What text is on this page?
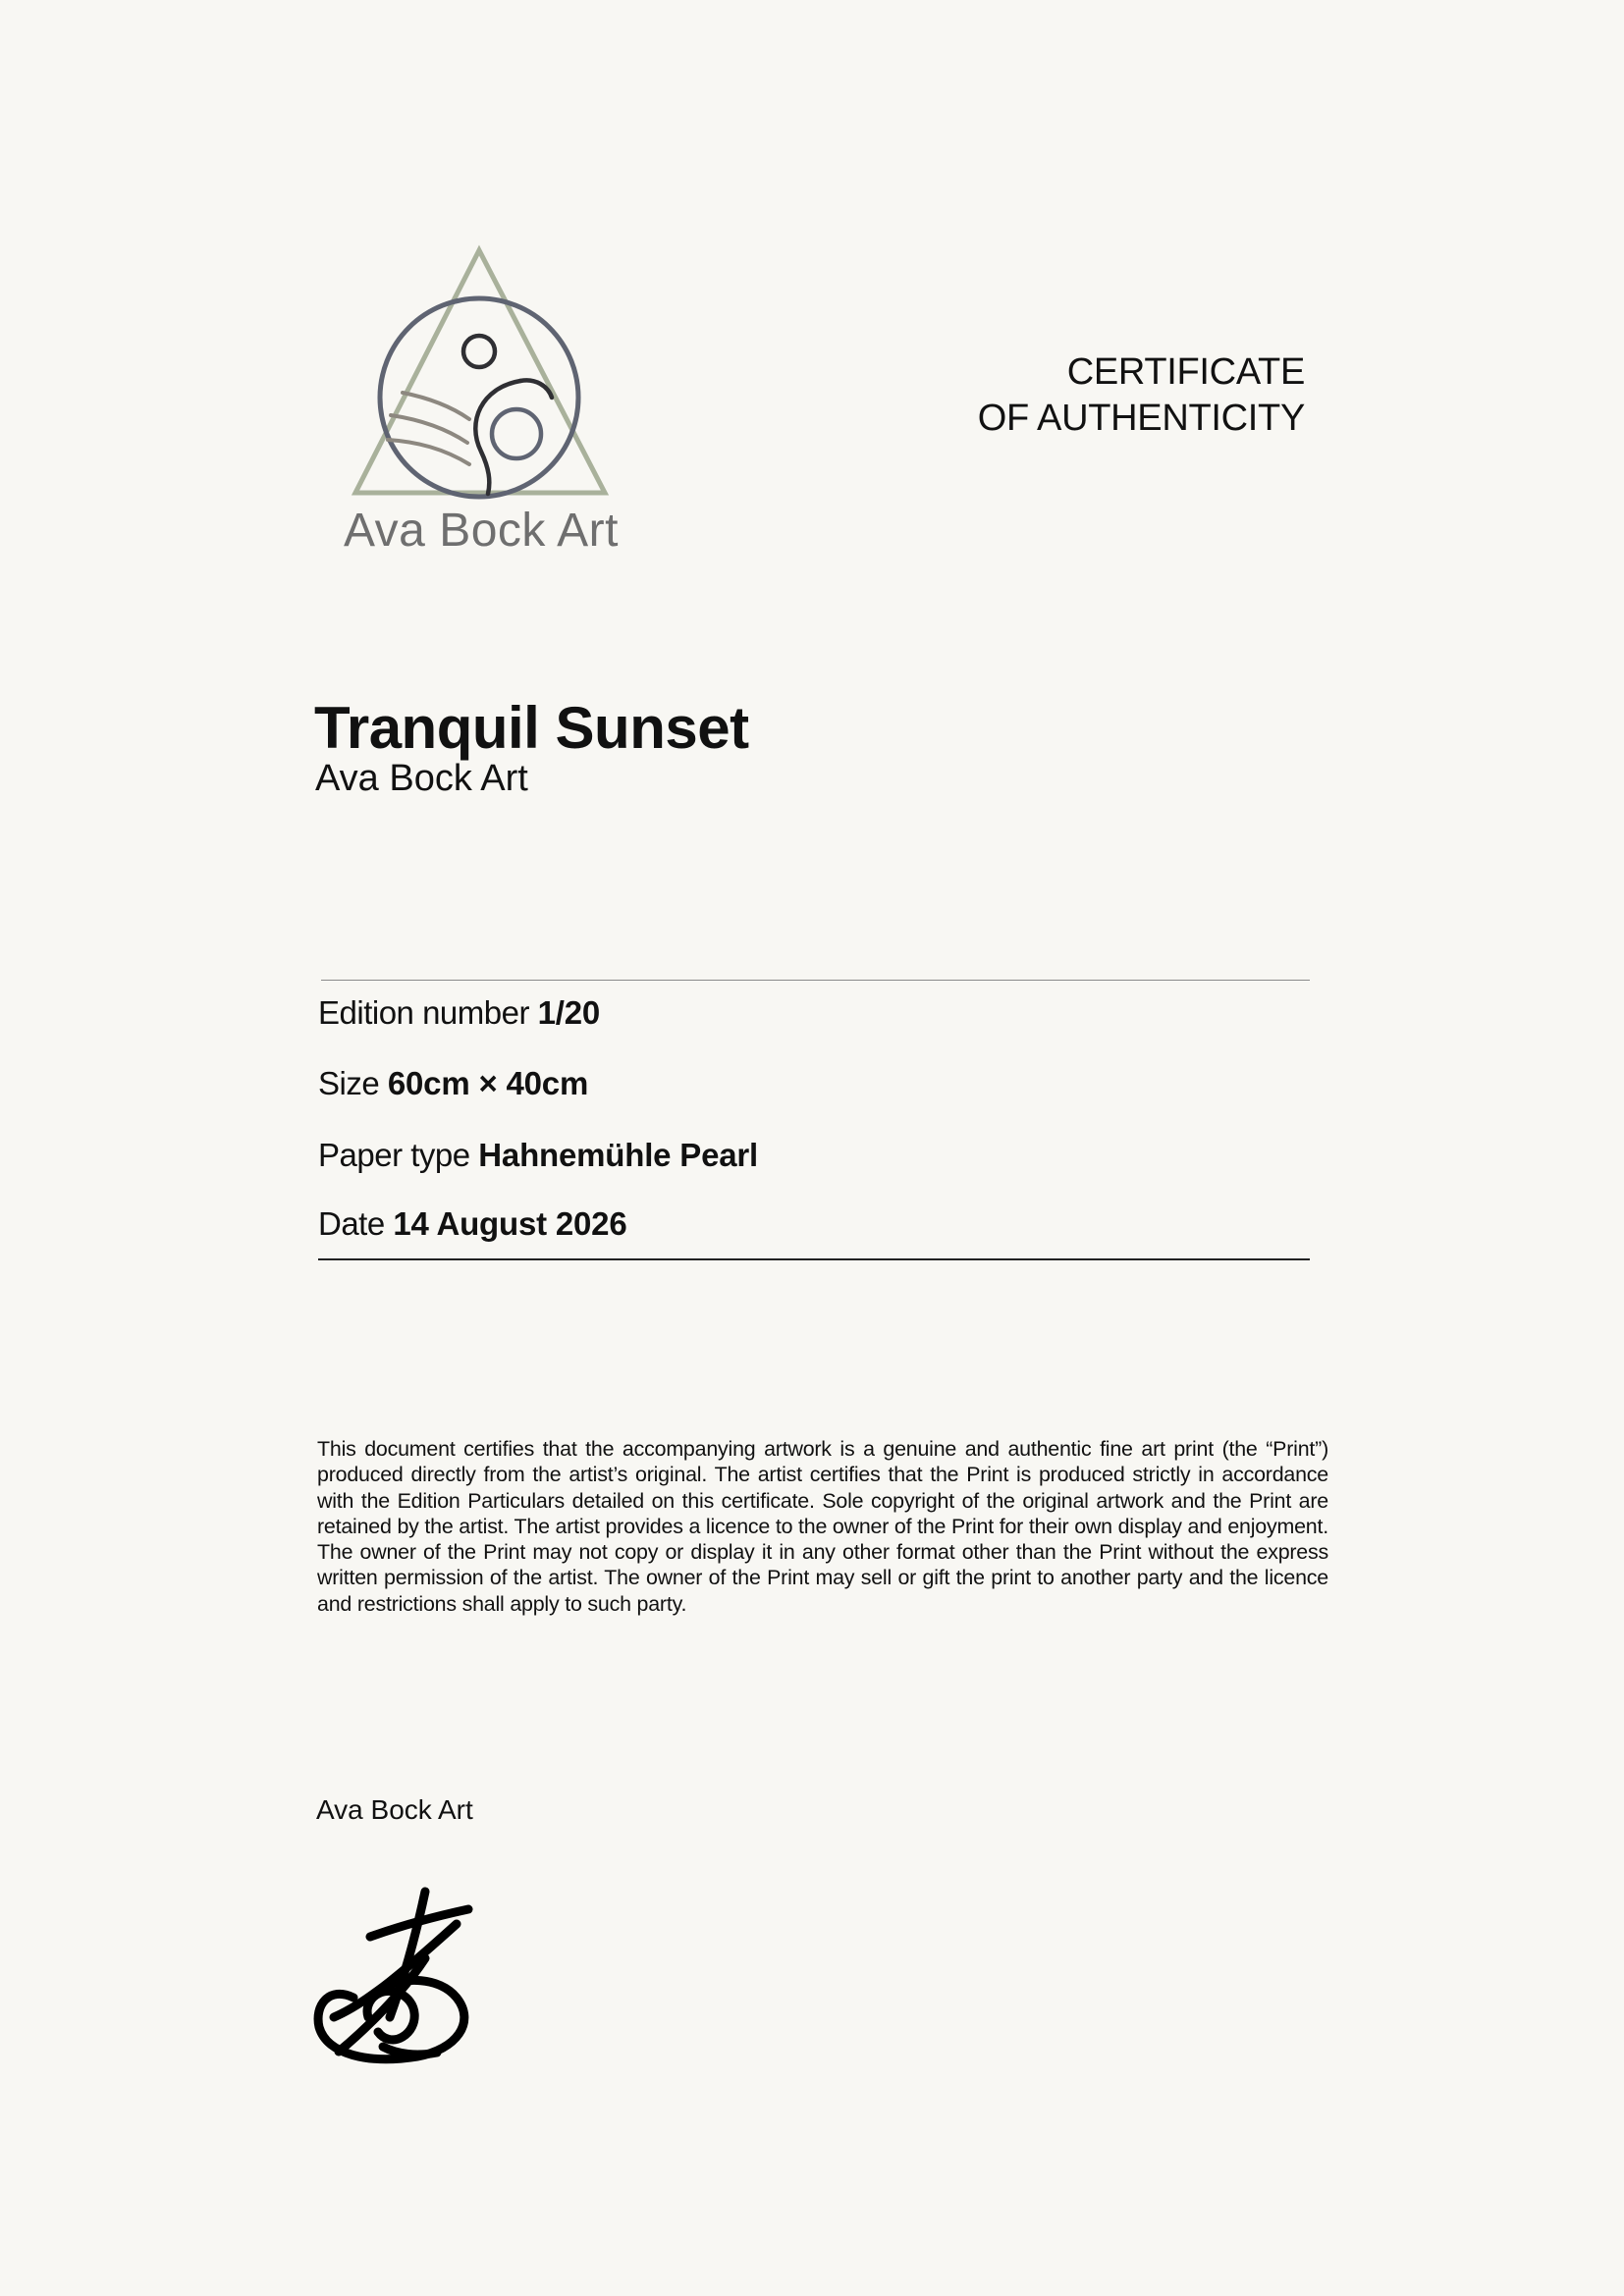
Ava Bock Art
CERTIFICATE
OF AUTHENTICITY
Tranquil Sunset
Ava Bock Art
Edition number 1/20
Size 60cm × 40cm
Paper type Hahnemühle Pearl
Date 14 August 2026
This document certifies that the accompanying artwork is a genuine and authentic fine art print (the “Print”) produced directly from the artist’s original. The artist certifies that the Print is produced strictly in accordance with the Edition Particulars detailed on this certificate. Sole copyright of the original artwork and the Print are retained by the artist. The artist provides a licence to the owner of the Print for their own display and enjoyment. The owner of the Print may not copy or display it in any other format other than the Print without the express written permission of the artist. The owner of the Print may sell or gift the print to another party and the licence and restrictions shall apply to such party.
Ava Bock Art
